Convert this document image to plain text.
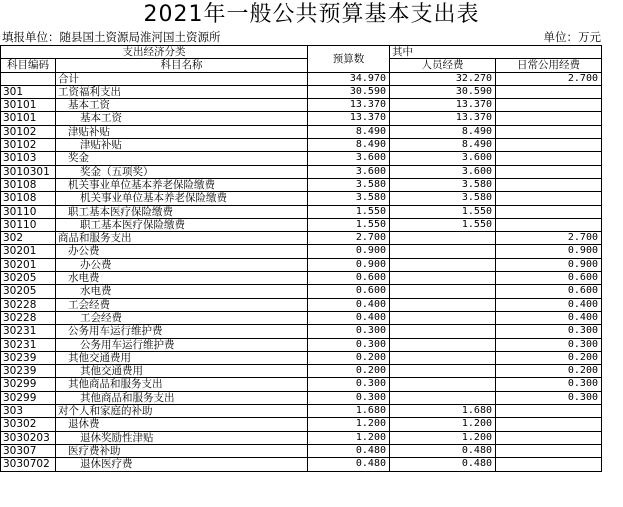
2021年一般公共预算基本支出表
填报单位：随县国土资源局淮河国土资源所	单位：万元
支出经济分类		预算数	其中	
科目编码	科目名称		人员经费	日常公用经费
	合计	34.970	32.270	2.700
301	工资福利支出	30.590	30.590	
30101	基本工资	13.370	13.370	
30101	基本工资	13.370	13.370	
30102	津贴补贴	8.490	8.490	
30102	津贴补贴	8.490	8.490	
30103	奖金	3.600	3.600	
3010301	奖金（五项奖）	3.600	3.600	
30108	机关事业单位基本养老保险缴费	3.580	3.580	
30108	机关事业单位基本养老保险缴费	3.580	3.580	
30110	职工基本医疗保险缴费	1.550	1.550	
30110	职工基本医疗保险缴费	1.550	1.550	
302	商品和服务支出	2.700		2.700
30201	办公费	0.900		0.900
30201	办公费	0.900		0.900
30205	水电费	0.600		0.600
30205	水电费	0.600		0.600
30228	工会经费	0.400		0.400
30228	工会经费	0.400		0.400
30231	公务用车运行维护费	0.300		0.300
30231	公务用车运行维护费	0.300		0.300
30239	其他交通费用	0.200		0.200
30239	其他交通费用	0.200		0.200
30299	其他商品和服务支出	0.300		0.300
30299	其他商品和服务支出	0.300		0.300
303	对个人和家庭的补助	1.680	1.680	
30302	退休费	1.200	1.200	
3030203	退休奖励性津贴	1.200	1.200	
30307	医疗费补助	0.480	0.480	
3030702	退休医疗费	0.480	0.480	
